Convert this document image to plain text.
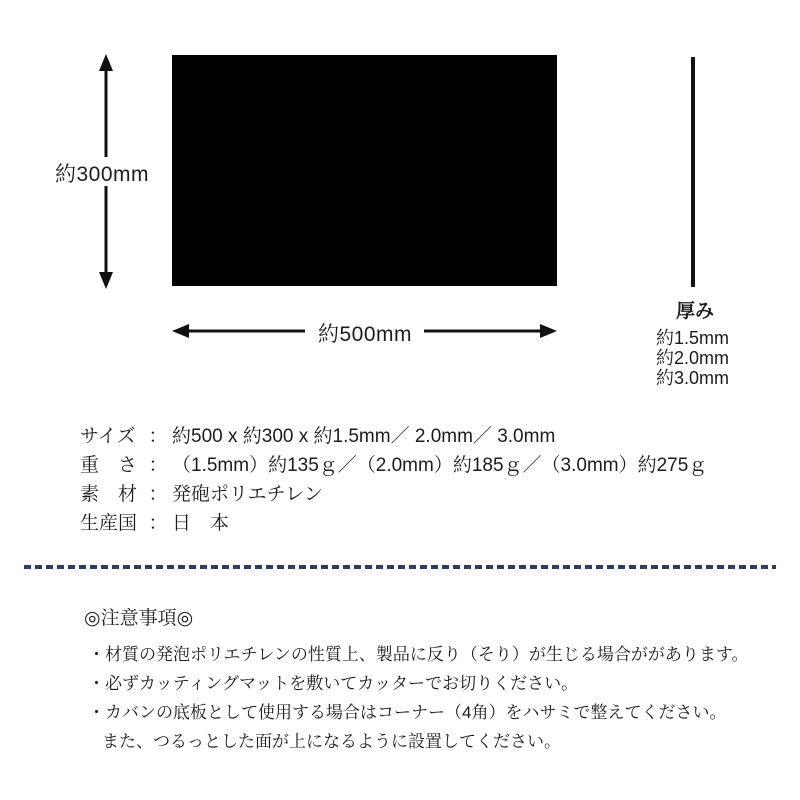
約300mm
約500mm
厚み
約1.5mm
約2.0mm
約3.0mm
サイズ ： 約500 x 約300 x 約1.5mm／ 2.0mm／ 3.0mm
重　さ ： （1.5mm）約135ｇ／（2.0mm）約185ｇ／（3.0mm）約275ｇ
素　材 ： 発砲ポリエチレン
生産国 ： 日　本
◎注意事項◎
・材質の発泡ポリエチレンの性質上、製品に反り（そり）が生じる場合ががあります。
・必ずカッティングマットを敷いてカッターでお切りください。
・カバンの底板として使用する場合はコーナー（4角）をハサミで整えてください。
また、つるっとした面が上になるように設置してください。
